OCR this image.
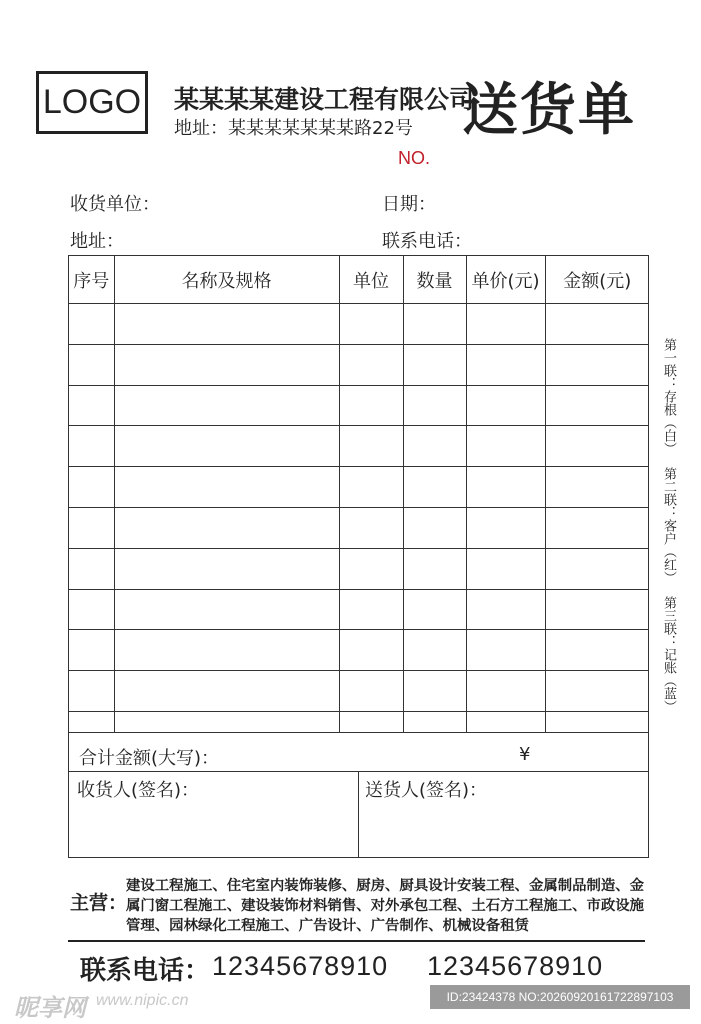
LOGO 某某某某建设工程有限公司
地址：某某某某某某某路22号 送货单
NO.
收货单位：	日期：
地址：	联系电话：
序号	名称及规格	单位	数量	单价(元)	金额(元)

合计金额(大写)：	¥
收货人(签名)：	送货人(签名)：
第一联：存根（白） 第二联：客户（红） 第三联：记账（蓝）
主营：
建设工程施工、住宅室内装饰装修、厨房、厨具设计安装工程、金属制品制造、金属门窗工程施工、建设装饰材料销售、对外承包工程、土石方工程施工、市政设施管理、园林绿化工程施工、广告设计、广告制作、机械设备租赁
联系电话： 12345678910 12345678910
昵享网 www.nipic.cn	ID:23424378 NO:20260920161722897103
